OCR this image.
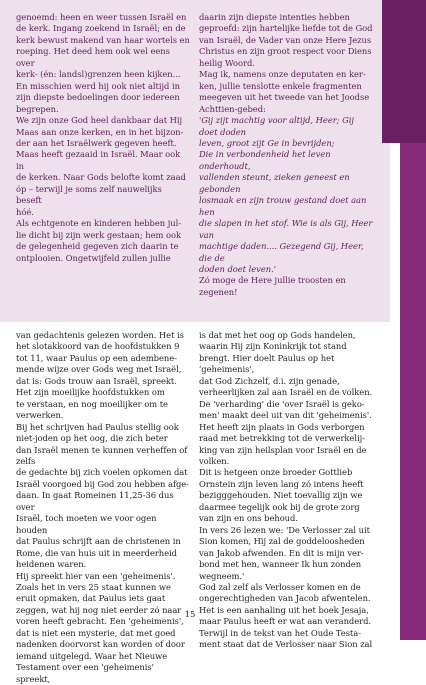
genoemd: heen en weer tussen Israël en

de kerk. Ingang zoekend in Israël; en de

kerk bewust makend van haar wortels en

roeping. Het deed hem ook wel eens over

kerk- (én: landsl)grenzen heen kijken...

En misschien werd hij ook niet altijd in

zijn diepste bedoelingen door iedereen

begrepen.

We zijn onze God heel dankbaar dat Hij

Maas aan onze kerken, en in het bijzon-

der aan het Israëlwerk gegeven heeft.

Maas heeft gezaaid in Israël. Maar ook in

de kerken. Naar Gods belofte komt zaad

óp – terwijl je soms zelf nauwelijks beseft

hóé.

Als echtgenote en kinderen hebben jul-

lie dicht bij zijn werk gestaan; hem ook

de gelegenheid gegeven zich daarin te

ontplooien. Ongetwijfeld zullen jullie

daarin zijn diepste intenties hebben

geproefd: zijn hartelijke liefde tot de God

van Israël, de Vader van onze Here Jezus

Christus en zijn groot respect voor Diens

heilig Woord.

Mag ik, namens onze deputaten en ker-

ken, jullie tenslotte enkele fragmenten

meegeven uit het tweede van het Joodse

Achttien-gebed:

'Gij zijt machtig voor altijd, Heer; Gij doet doden

leven, groot zijt Ge in bevrijden;

Die in verbondenheid het leven onderhoudt,

vallenden steunt, zieken geneest en gebonden

losmaak en zijn trouw gestand doet aan hen

die slapen in het stof. Wie is als Gij, Heer van

machtige daden.... Gezegend Gij, Heer, die de

doden doet leven.'

Zó moge de Here jullie troosten en

zegenen!

van gedachtenis gelezen worden. Het is

het slotakkoord van de hoofdstukken 9

tot 11, waar Paulus op een adembene-

mende wijze over Gods weg met Israël,

dat is: Gods trouw aan Israël, spreekt.

Het zijn moeilijke hoofdstukken om

te verstaan, en nog moeilijker om te

verwerken.

Bij het schrijven had Paulus stellig ook

niet-joden op het oog, die zich beter

dan Israël menen te kunnen verheffen of zelfs

de gedachte bij zich voelen opkomen dat

Israël voorgoed bij God zou hebben afge-

daan. In gaat Romeinen 11,25-36 dus over

Israël, toch moeten we voor ogen houden

dat Paulus schrijft aan de christenen in

Rome, die van huis uit in meerderheid

heidenen waren.

Hij spreekt hier van een 'geheimenis'.

Zoals het in vers 25 staat kunnen we

eruit opmaken, dat Paulus iets gaat

zeggen, wat hij nog niet eerder zó naar

voren heeft gebracht. Een 'geheimenis',

dat is niet een mysterie, dat met goed

nadenken doorvorst kan worden of door

iemand uitgelegd. Waar het Nieuwe

Testament over een 'geheimenis' spreekt,

is dat met het oog op Gods handelen,

waarin Hij zijn Koninkrijk tot stand

brengt. Hier doelt Paulus op het 'geheimenis',

dat God Zichzelf, d.i. zijn genade,

verheerlijken zal aan Israël en de volken.

De 'verharding' die 'over Israël is geko-

men' maakt deel uit van dit 'geheimenis'.

Het heeft zijn plaats in Gods verborgen

raad met betrekking tot de verwerkelij-

king van zijn heilsplan voor Israël en de

volken.

Dit is hetgeen onze broeder Gottlieb

Ornstein zijn leven lang zó intens heeft

bezigggehouden. Niet toevallig zijn we

daarmee tegelijk ook bij de grote zorg

van zijn en ons behoud.

In vers 26 lezen we: 'De Verlosser zal uit

Sion komen, Hij zal de goddeloosheden

van Jakob afwenden. En dit is mijn ver-

bond met hen, wanneer Ik hun zonden

wegneem.'

God zal zelf als Verlosser komen en de

ongerechtigheden van Jacob afwentelen.

Het is een aanhaling uit het boek Jesaja,

maar Paulus heeft er wat aan veranderd.

Terwijl in de tekst van het Oude Testa-

ment staat dat de Verlosser naar Sion zal

15
